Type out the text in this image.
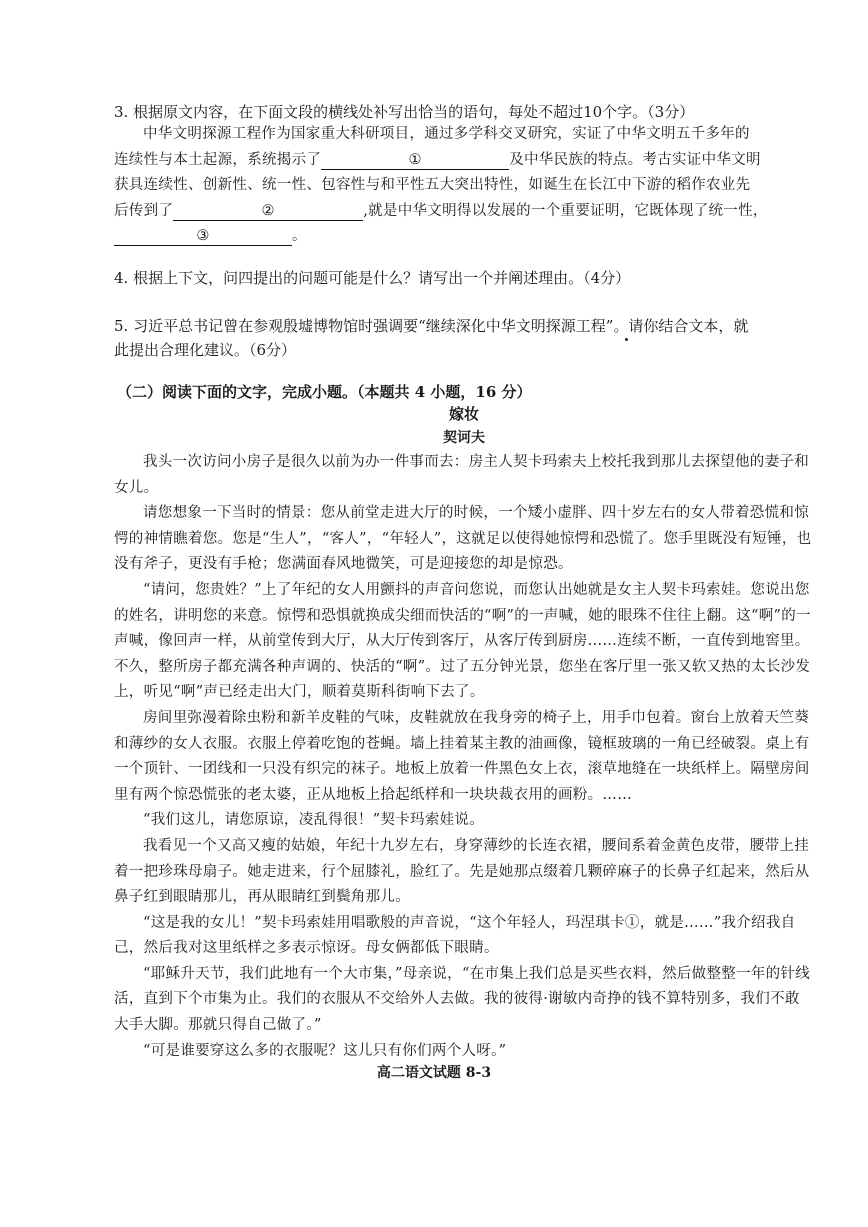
3. 根据原文内容，在下面文段的横线处补写出恰当的语句，每处不超过10个字。（3分）

中华文明探源工程作为国家重大科研项目，通过多学科交叉研究，实证了中华文明五千多年的

连续性与本土起源，系统揭示了	①	及中华民族的特点。考古实证中华文明

获具连续性、创新性、统一性、包容性与和平性五大突出特性，如诞生在长江中下游的稻作农业先

后传到了	②	,就是中华文明得以发展的一个重要证明，它既体现了统一性，

③	。

4. 根据上下文，问四提出的问题可能是什么？请写出一个并阐述理由。（4分）
5. 习近平总书记曾在参观殷墟博物馆时强调要“继续深化中华文明探源工程”。请你结合文本，就
此提出合理化建议。（6分）
（二）阅读下面的文字，完成小题。（本题共 4 小题，16 分）
嫁妆
契诃夫

我头一次访问小房子是很久以前为办一件事而去：房主人契卡玛索夫上校托我到那儿去探望他的妻子和女儿。

请您想象一下当时的情景：您从前堂走进大厅的时候，一个矮小虚胖、四十岁左右的女人带着恐慌和惊愕的神情瞧着您。您是“生人”，“客人”，“年轻人”，这就足以使得她惊愕和恐慌了。您手里既没有短锤，也没有斧子，更没有手枪；您满面春风地微笑，可是迎接您的却是惊恐。

“请问，您贵姓？”上了年纪的女人用颤抖的声音问您说，而您认出她就是女主人契卡玛索娃。您说出您的姓名，讲明您的来意。惊愕和恐惧就换成尖细而快活的“啊”的一声喊，她的眼珠不住往上翻。这“啊”的一声喊，像回声一样，从前堂传到大厅，从大厅传到客厅，从客厅传到厨房……连续不断，一直传到地窖里。不久，整所房子都充满各种声调的、快活的“啊”。过了五分钟光景，您坐在客厅里一张又软又热的太长沙发上，听见“啊”声已经走出大门，顺着莫斯科街响下去了。

房间里弥漫着除虫粉和新羊皮鞋的气味，皮鞋就放在我身旁的椅子上，用手巾包着。窗台上放着天竺葵和薄纱的女人衣服。衣服上停着吃饱的苍蝇。墙上挂着某主教的油画像，镜框玻璃的一角已经破裂。桌上有一个顶针、一团线和一只没有织完的袜子。地板上放着一件黑色女上衣，滚草地缝在一块纸样上。隔壁房间里有两个惊恐慌张的老太婆，正从地板上拾起纸样和一块块裁衣用的画粉。……

“我们这儿，请您原谅，凌乱得很！”契卡玛索娃说。

我看见一个又高又瘦的姑娘，年纪十九岁左右，身穿薄纱的长连衣裙，腰间系着金黄色皮带，腰带上挂着一把珍珠母扇子。她走进来，行个屈膝礼，脸红了。先是她那点缀着几颗碎麻子的长鼻子红起来，然后从鼻子红到眼睛那儿，再从眼睛红到鬓角那儿。

“这是我的女儿！”契卡玛索娃用唱歌般的声音说，“这个年轻人，玛涅琪卡①，就是……”我介绍我自己，然后我对这里纸样之多表示惊讶。母女俩都低下眼睛。

“耶稣升天节，我们此地有一个大市集，”母亲说，“在市集上我们总是买些衣料，然后做整整一年的针线活，直到下个市集为止。我们的衣服从不交给外人去做。我的彼得·谢敏内奇挣的钱不算特别多，我们不敢大手大脚。那就只得自己做了。”

“可是谁要穿这么多的衣服呢？这儿只有你们两个人呀。”

高二语文试题 8-3
